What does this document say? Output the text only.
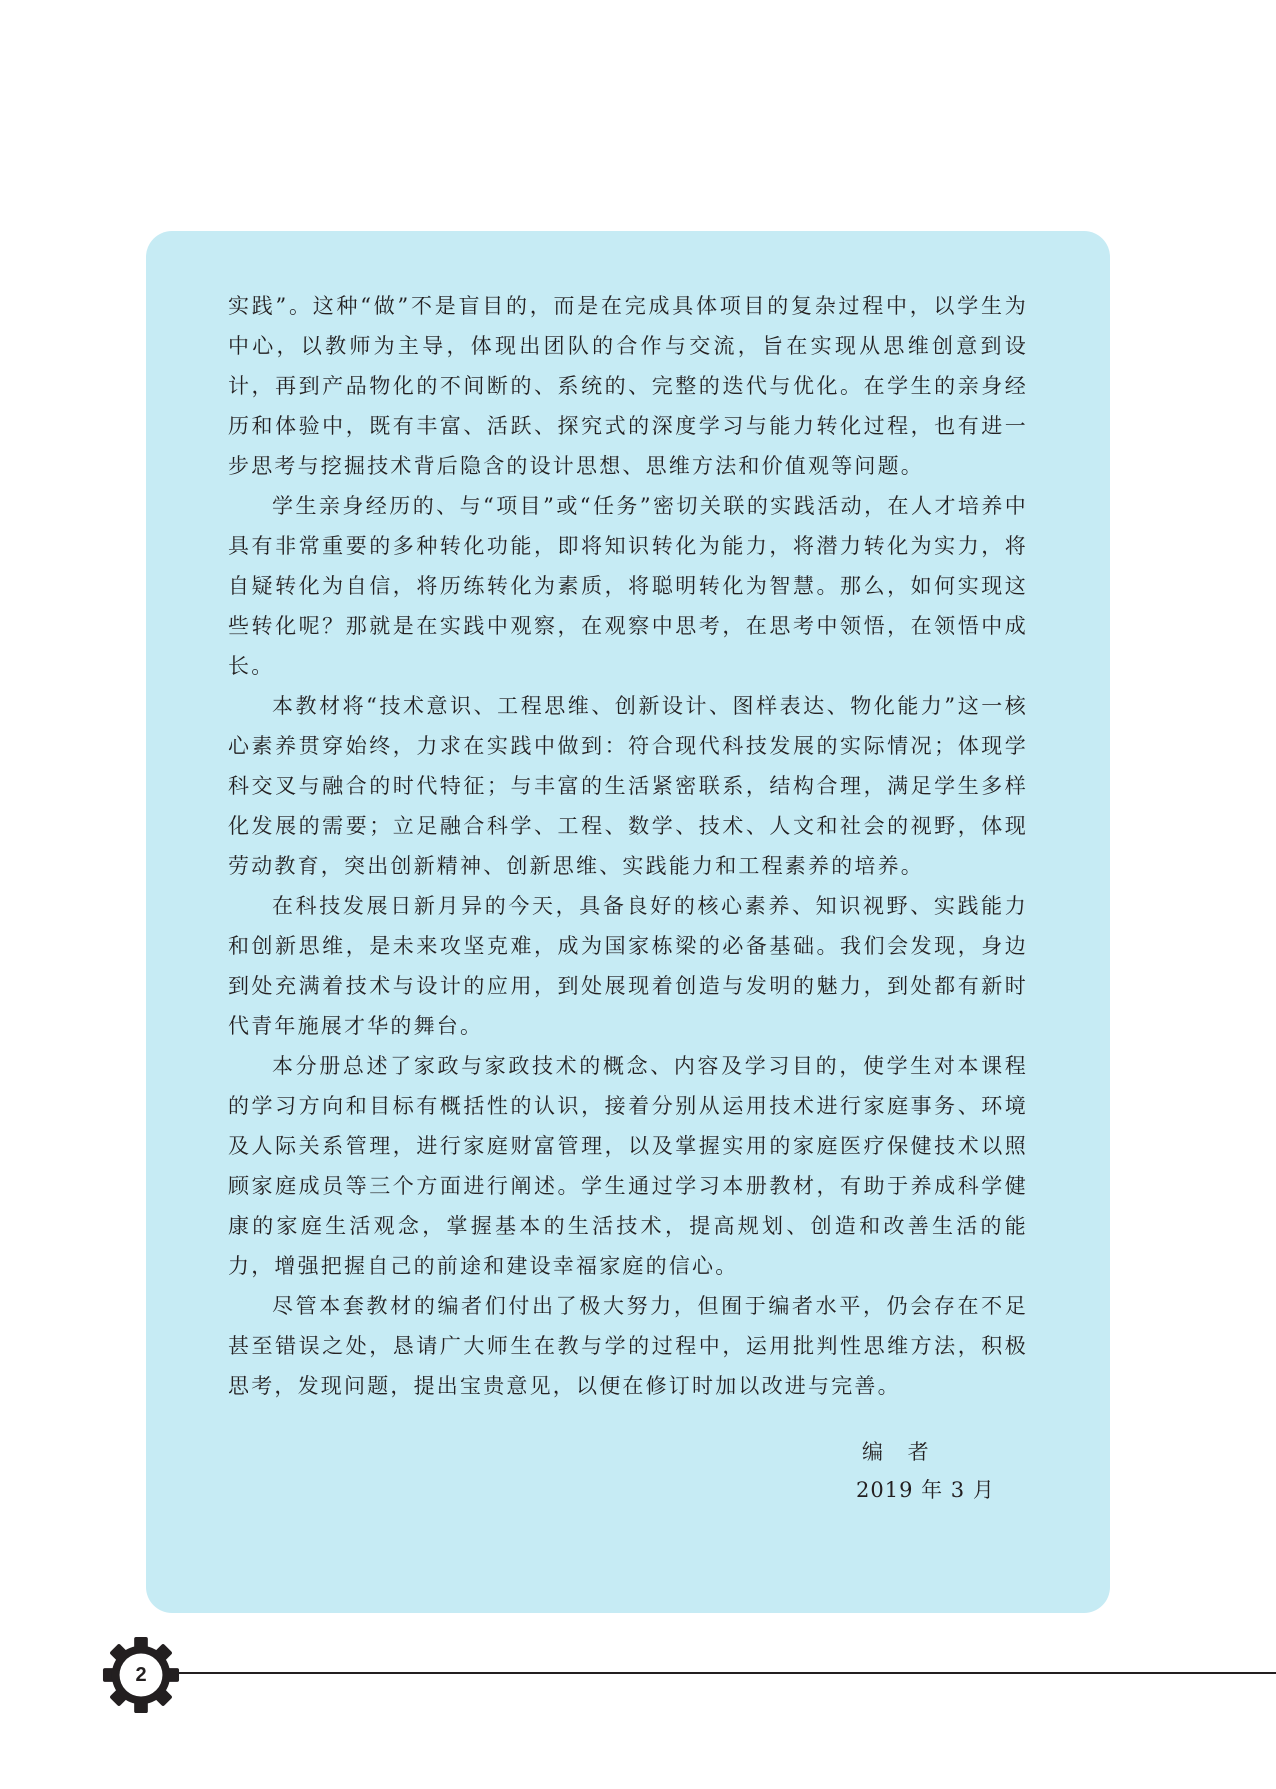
实践”。这种“做”不是盲目的，而是在完成具体项目的复杂过程中，以学生为中心，以教师为主导，体现出团队的合作与交流，旨在实现从思维创意到设计，再到产品物化的不间断的、系统的、完整的迭代与优化。在学生的亲身经历和体验中，既有丰富、活跃、探究式的深度学习与能力转化过程，也有进一步思考与挖掘技术背后隐含的设计思想、思维方法和价值观等问题。

学生亲身经历的、与“项目”或“任务”密切关联的实践活动，在人才培养中具有非常重要的多种转化功能，即将知识转化为能力，将潜力转化为实力，将自疑转化为自信，将历练转化为素质，将聪明转化为智慧。那么，如何实现这些转化呢？那就是在实践中观察，在观察中思考，在思考中领悟，在领悟中成长。

本教材将“技术意识、工程思维、创新设计、图样表达、物化能力”这一核心素养贯穿始终，力求在实践中做到：符合现代科技发展的实际情况；体现学科交叉与融合的时代特征；与丰富的生活紧密联系，结构合理，满足学生多样化发展的需要；立足融合科学、工程、数学、技术、人文和社会的视野，体现劳动教育，突出创新精神、创新思维、实践能力和工程素养的培养。

在科技发展日新月异的今天，具备良好的核心素养、知识视野、实践能力和创新思维，是未来攻坚克难，成为国家栋梁的必备基础。我们会发现，身边到处充满着技术与设计的应用，到处展现着创造与发明的魅力，到处都有新时代青年施展才华的舞台。

本分册总述了家政与家政技术的概念、内容及学习目的，使学生对本课程的学习方向和目标有概括性的认识，接着分别从运用技术进行家庭事务、环境及人际关系管理，进行家庭财富管理，以及掌握实用的家庭医疗保健技术以照顾家庭成员等三个方面进行阐述。学生通过学习本册教材，有助于养成科学健康的家庭生活观念，掌握基本的生活技术，提高规划、创造和改善生活的能力，增强把握自己的前途和建设幸福家庭的信心。

尽管本套教材的编者们付出了极大努力，但囿于编者水平，仍会存在不足甚至错误之处，恳请广大师生在教与学的过程中，运用批判性思维方法，积极思考，发现问题，提出宝贵意见，以便在修订时加以改进与完善。

编 者
2019 年 3 月
2
